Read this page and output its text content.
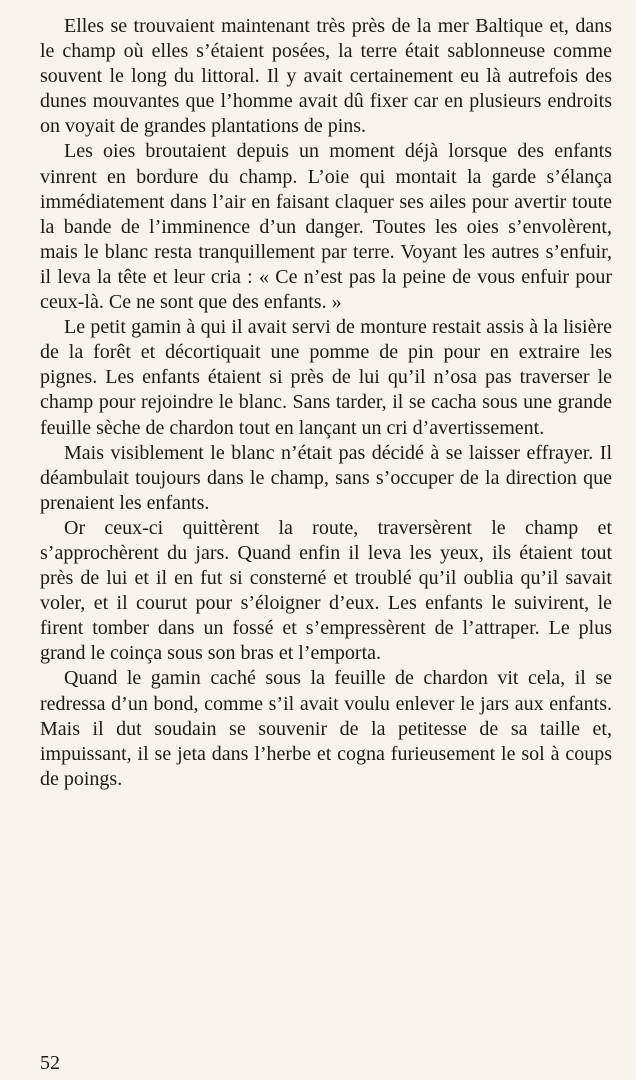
Elles se trouvaient maintenant très près de la mer Baltique et, dans le champ où elles s’étaient posées, la terre était sablonneuse comme souvent le long du littoral. Il y avait certainement eu là autrefois des dunes mouvantes que l’homme avait dû fixer car en plusieurs endroits on voyait de grandes plantations de pins.

Les oies broutaient depuis un moment déjà lorsque des enfants vinrent en bordure du champ. L’oie qui montait la garde s’élança immédiatement dans l’air en faisant claquer ses ailes pour avertir toute la bande de l’imminence d’un danger. Toutes les oies s’envolèrent, mais le blanc resta tranquillement par terre. Voyant les autres s’enfuir, il leva la tête et leur cria : « Ce n’est pas la peine de vous enfuir pour ceux-là. Ce ne sont que des enfants. »

Le petit gamin à qui il avait servi de monture restait assis à la lisière de la forêt et décortiquait une pomme de pin pour en extraire les pignes. Les enfants étaient si près de lui qu’il n’osa pas traverser le champ pour rejoindre le blanc. Sans tarder, il se cacha sous une grande feuille sèche de chardon tout en lançant un cri d’avertissement.

Mais visiblement le blanc n’était pas décidé à se laisser effrayer. Il déambulait toujours dans le champ, sans s’occuper de la direction que prenaient les enfants.

Or ceux-ci quittèrent la route, traversèrent le champ et s’approchèrent du jars. Quand enfin il leva les yeux, ils étaient tout près de lui et il en fut si consterné et troublé qu’il oublia qu’il savait voler, et il courut pour s’éloigner d’eux. Les enfants le suivirent, le firent tomber dans un fossé et s’empressèrent de l’attraper. Le plus grand le coinça sous son bras et l’emporta.

Quand le gamin caché sous la feuille de chardon vit cela, il se redressa d’un bond, comme s’il avait voulu enlever le jars aux enfants. Mais il dut soudain se souvenir de la petitesse de sa taille et, impuissant, il se jeta dans l’herbe et cogna furieusement le sol à coups de poings.

52
